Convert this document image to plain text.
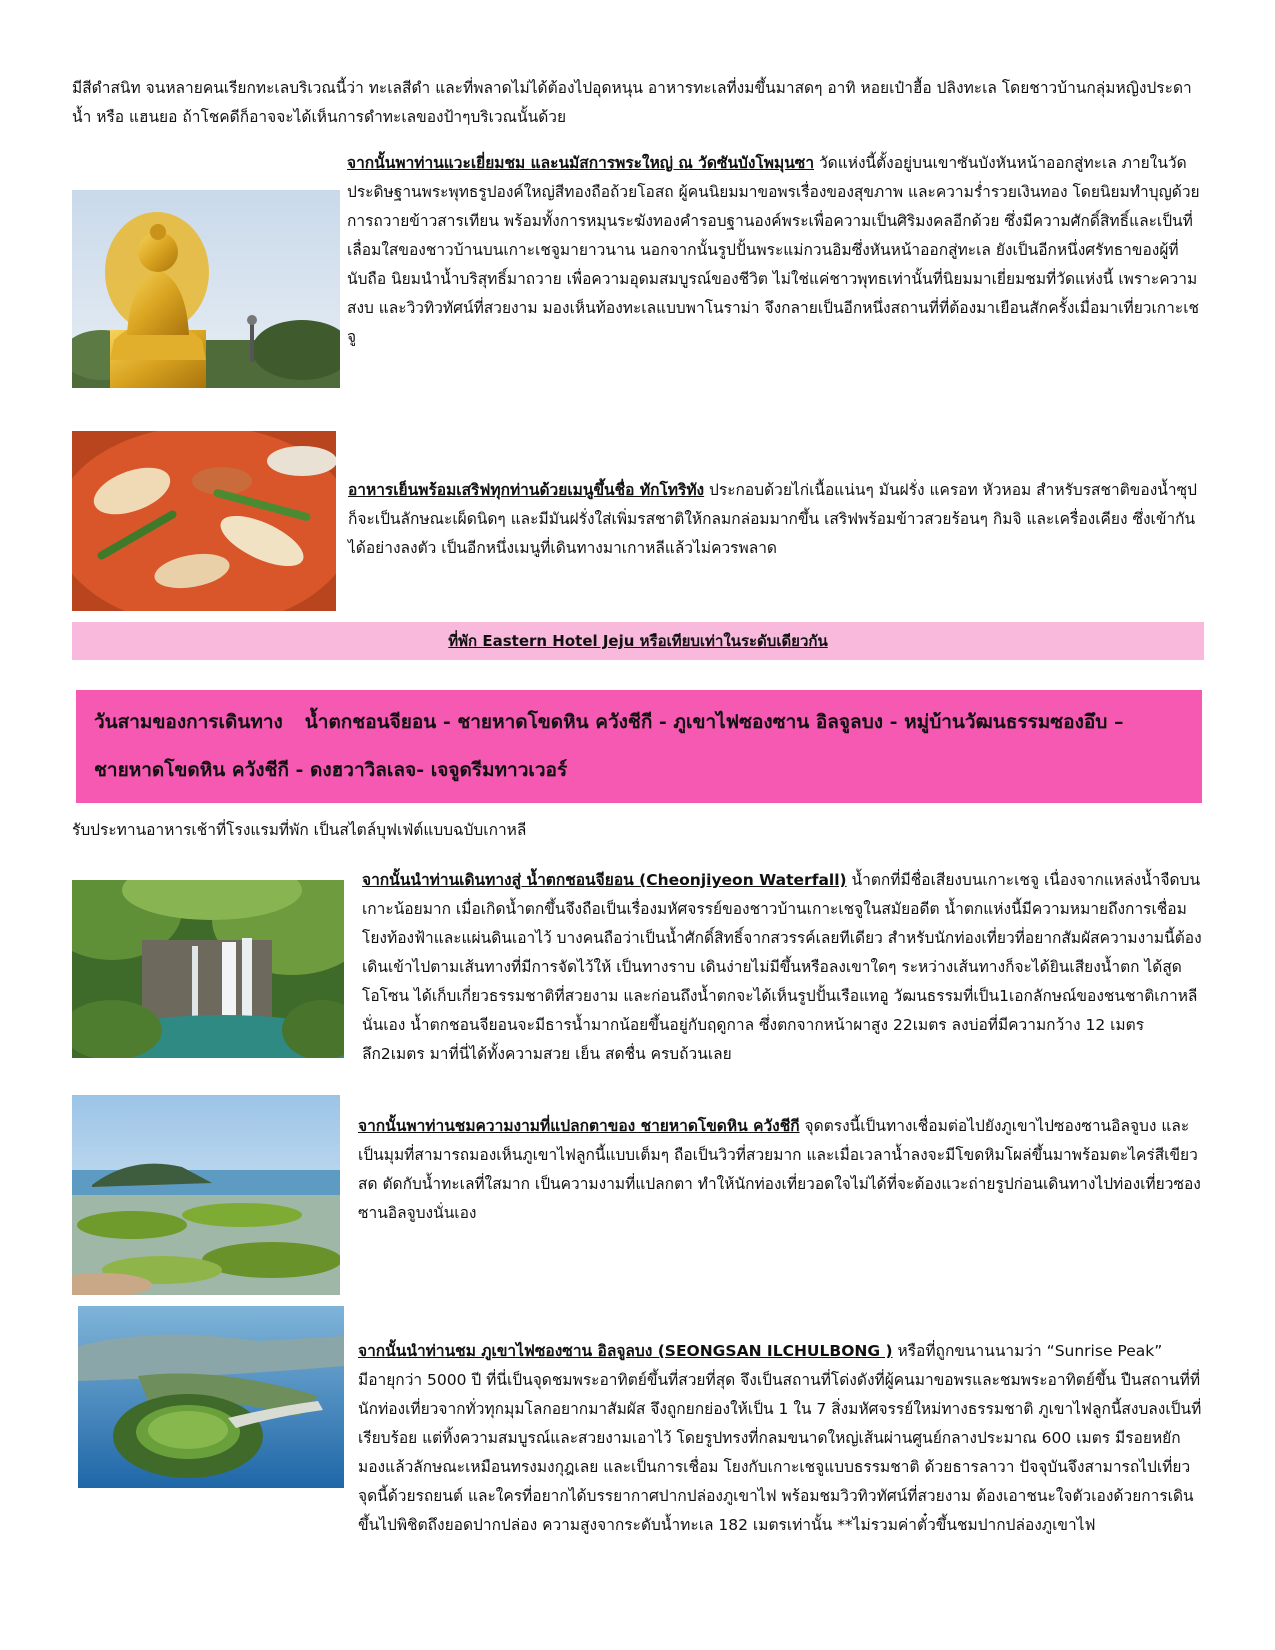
มีสีดำสนิท จนหลายคนเรียกทะเลบริเวณนี้ว่า ทะเลสีดำ และที่พลาดไม่ได้ต้องไปอุดหนุน อาหารทะเลที่งมขึ้นมาสดๆ อาทิ หอยเป๋าฮื้อ ปลิงทะเล โดยชาวบ้านกลุ่มหญิงประดาน้ำ หรือ แฮนยอ ถ้าโชคดีก็อาจจะได้เห็นการดำทะเลของป้าๆบริเวณนั้นด้วย

จากนั้นพาท่านแวะเยี่ยมชม และนมัสการพระใหญ่ ณ วัดซันบังโพมุนซา วัดแห่งนี้ตั้งอยู่บนเขาซันบังหันหน้าออกสู่ทะเล ภายในวัดประดิษฐานพระพุทธรูปองค์ใหญ่สีทองถือถ้วยโอสถ ผู้คนนิยมมาขอพรเรื่องของสุขภาพ และความร่ำรวยเงินทอง โดยนิยมทำบุญด้วยการถวายข้าวสารเทียน พร้อมทั้งการหมุนระฆังทองคำรอบฐานองค์พระเพื่อความเป็นศิริมงคลอีกด้วย ซึ่งมีความศักดิ์สิทธิ์และเป็นที่เลื่อมใสของชาวบ้านบนเกาะเชจูมายาวนาน นอกจากนั้นรูปปั้นพระแม่กวนอิมซึ่งหันหน้าออกสู่ทะเล ยังเป็นอีกหนึ่งศรัทธาของผู้ที่นับถือ นิยมนำน้ำบริสุทธิ์มาถวาย เพื่อความอุดมสมบูรณ์ของชีวิต ไม่ใช่แค่ชาวพุทธเท่านั้นที่นิยมมาเยี่ยมชมที่วัดแห่งนี้ เพราะความสงบ และวิวทิวทัศน์ที่สวยงาม มองเห็นท้องทะเลแบบพาโนราม่า จึงกลายเป็นอีกหนึ่งสถานที่ที่ต้องมาเยือนสักครั้งเมื่อมาเที่ยวเกาะเชจู

อาหารเย็นพร้อมเสริฟทุกท่านด้วยเมนูขึ้นชื่อ ทักโทริทัง ประกอบด้วยไก่เนื้อแน่นๆ มันฝรั่ง แครอท หัวหอม สำหรับรสชาติของน้ำซุปก็จะเป็นลักษณะเผ็ดนิดๆ และมีมันฝรั่งใส่เพิ่มรสชาติให้กลมกล่อมมากขึ้น เสริฟพร้อมข้าวสวยร้อนๆ กิมจิ และเครื่องเคียง ซึ่งเข้ากันได้อย่างลงตัว เป็นอีกหนึ่งเมนูที่เดินทางมาเกาหลีแล้วไม่ควรพลาด

ที่พัก Eastern Hotel Jeju หรือเทียบเท่าในระดับเดียวกัน
วันสามของการเดินทาง น้ำตกชอนจียอน - ชายหาดโขดหิน ควังชีกี - ภูเขาไฟซองซาน อิลจูลบง - หมู่บ้านวัฒนธรรมซองอึบ – ชายหาดโขดหิน ควังชีกี - ดงฮวาวิลเลจ- เจจูดรีมทาวเวอร์

รับประทานอาหารเช้าที่โรงแรมที่พัก เป็นสไตล์บุฟเฟ่ต์แบบฉบับเกาหลี

จากนั้นนำท่านเดินทางสู่ น้ำตกชอนจียอน (Cheonjiyeon Waterfall) น้ำตกที่มีชื่อเสียงบนเกาะเชจู เนื่องจากแหล่งน้ำจืดบนเกาะน้อยมาก เมื่อเกิดน้ำตกขึ้นจึงถือเป็นเรื่องมหัศจรรย์ของชาวบ้านเกาะเชจูในสมัยอดีต น้ำตกแห่งนี้มีความหมายถึงการเชื่อมโยงท้องฟ้าและแผ่นดินเอาไว้ บางคนถือว่าเป็นน้ำศักดิ์สิทธิ์จากสวรรค์เลยทีเดียว สำหรับนักท่องเที่ยวที่อยากสัมผัสความงามนี้ต้องเดินเข้าไปตามเส้นทางที่มีการจัดไว้ให้ เป็นทางราบ เดินง่ายไม่มีขึ้นหรือลงเขาใดๆ ระหว่างเส้นทางก็จะได้ยินเสียงน้ำตก ได้สูดโอโซน ได้เก็บเกี่ยวธรรมชาติที่สวยงาม และก่อนถึงน้ำตกจะได้เห็นรูปปั้นเรือแทอู วัฒนธรรมที่เป็น1เอกลักษณ์ของชนชาติเกาหลีนั่นเอง น้ำตกชอนจียอนจะมีธารน้ำมากน้อยขึ้นอยู่กับฤดูกาล ซึ่งตกจากหน้าผาสูง 22เมตร ลงบ่อที่มีความกว้าง 12 เมตร ลึก2เมตร มาที่นี่ได้ทั้งความสวย เย็น สดชื่น ครบถ้วนเลย

จากนั้นพาท่านชมความงามที่แปลกตาของ ชายหาดโขดหิน ควังชีกี จุดตรงนี้เป็นทางเชื่อมต่อไปยังภูเขาไปซองซานอิลจูบง และเป็นมุมที่สามารถมองเห็นภูเขาไฟลูกนี้แบบเต็มๆ ถือเป็นวิวที่สวยมาก และเมื่อเวลาน้ำลงจะมีโขดหิมโผล่ขึ้นมาพร้อมตะไคร่สีเขียวสด ตัดกับน้ำทะเลที่ใสมาก เป็นความงามที่แปลกตา ทำให้นักท่องเที่ยวอดใจไม่ได้ที่จะต้องแวะถ่ายรูปก่อนเดินทางไปท่องเที่ยวซองซานอิลจูบงนั่นเอง

จากนั้นนำท่านชม ภูเขาไฟซองซาน อิลจูลบง (SEONGSAN ILCHULBONG ) หรือที่ถูกขนานนามว่า “Sunrise Peak” มีอายุกว่า 5000 ปี ที่นี่เป็นจุดชมพระอาทิตย์ขึ้นที่สวยที่สุด จึงเป็นสถานที่โด่งดังที่ผู้คนมาขอพรและชมพระอาทิตย์ขึ้น ปืนสถานที่ที่นักท่องเที่ยวจากทั่วทุกมุมโลกอยากมาสัมผัส จึงถูกยกย่องให้เป็น 1 ใน 7 สิ่งมหัศจรรย์ใหม่ทางธรรมชาติ ภูเขาไฟลูกนี้สงบลงเป็นที่เรียบร้อย แต่ทิ้งความสมบูรณ์และสวยงามเอาไว้ โดยรูปทรงที่กลมขนาดใหญ่เส้นผ่านศูนย์กลางประมาณ 600 เมตร มีรอยหยักมองแล้วลักษณะเหมือนทรงมงกุฎเลย และเป็นการเชื่อม โยงกับเกาะเชจูแบบธรรมชาติ ด้วยธารลาวา ปัจจุบันจึงสามารถไปเที่ยวจุดนี้ด้วยรถยนต์ และใครที่อยากได้บรรยากาศปากปล่องภูเขาไฟ พร้อมชมวิวทิวทัศน์ที่สวยงาม ต้องเอาชนะใจตัวเองด้วยการเดินขึ้นไปพิชิตถึงยอดปากปล่อง ความสูงจากระดับน้ำทะเล 182 เมตรเท่านั้น **ไม่รวมค่าตั๋วขึ้นชมปากปล่องภูเขาไฟ
